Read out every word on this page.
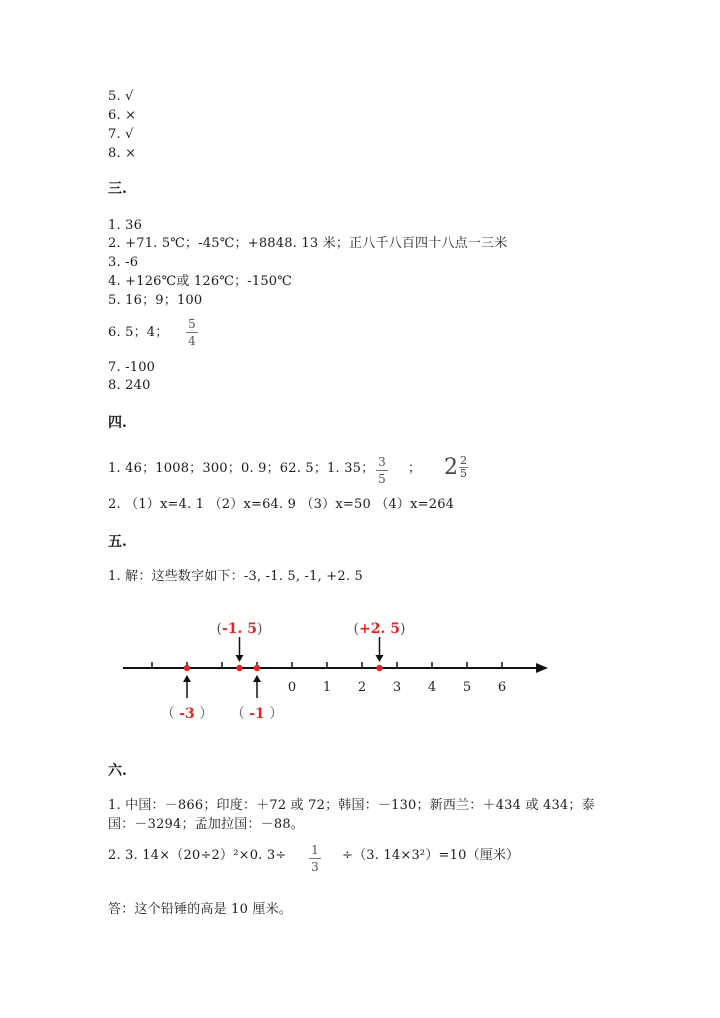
5. √
6. ×
7. √
8. ×
三.
1. 36
2. +71. 5℃；-45℃；+8848. 13 米；正八千八百四十八点一三米
3. -6
4. +126℃或 126℃；-150℃
5. 16；9；100
6. 5；4；
5
4
7. -100
8. 240
四.
1. 46；1008；300；0. 9；62. 5；1. 35； 3
5
； 2 2
5
2. （1）x=4. 1 （2）x=64. 9 （3）x=50 （4）x=264
五.
1. 解：这些数字如下：-3, -1. 5, -1, +2. 5
0 1 2 3 4 5 6
（ -3 ）
(-1. 5)
（ -1 ）
(+2. 5)
六.
1. 中国：－866；印度：＋72 或 72；韩国：－130；新西兰：＋434 或 434；泰
国：－3294；孟加拉国：－88。
2. 3. 14×（20÷2）²×0. 3÷ 1
3
÷（3. 14×3²）=10（厘米）
答：这个铅锤的高是 10 厘米。
